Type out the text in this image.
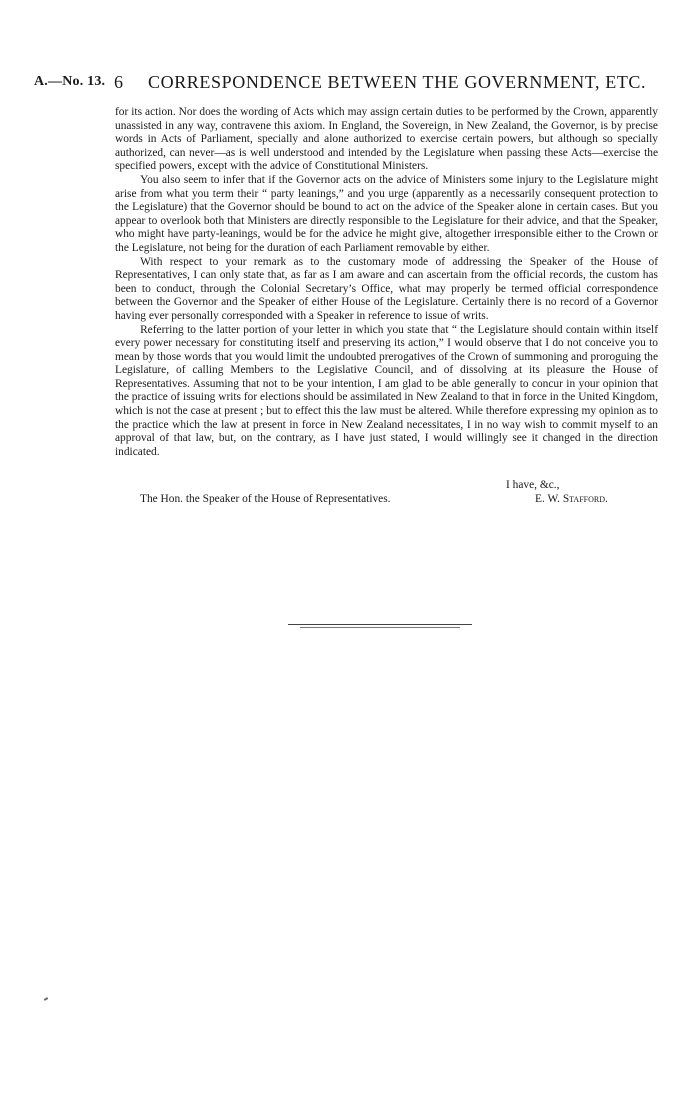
A.—No. 13. 6 CORRESPONDENCE BETWEEN THE GOVERNMENT, ETC.

for its action. Nor does the wording of Acts which may assign certain duties to be performed by the Crown, apparently unassisted in any way, contravene this axiom. In England, the Sovereign, in New Zealand, the Governor, is by precise words in Acts of Parliament, specially and alone authorized to exercise certain powers, but although so specially authorized, can never—as is well understood and intended by the Legislature when passing these Acts—exercise the specified powers, except with the advice of Constitutional Ministers.

You also seem to infer that if the Governor acts on the advice of Ministers some injury to the Legislature might arise from what you term their “ party leanings,” and you urge (apparently as a necessarily consequent protection to the Legislature) that the Governor should be bound to act on the advice of the Speaker alone in certain cases. But you appear to overlook both that Ministers are directly responsible to the Legislature for their advice, and that the Speaker, who might have party-leanings, would be for the advice he might give, altogether irresponsible either to the Crown or the Legislature, not being for the duration of each Parliament removable by either.

With respect to your remark as to the customary mode of addressing the Speaker of the House of Representatives, I can only state that, as far as I am aware and can ascertain from the official records, the custom has been to conduct, through the Colonial Secretary’s Office, what may properly be termed official correspondence between the Governor and the Speaker of either House of the Legislature. Certainly there is no record of a Governor having ever personally corresponded with a Speaker in reference to issue of writs.

Referring to the latter portion of your letter in which you state that “ the Legislature should contain within itself every power necessary for constituting itself and preserving its action,” I would observe that I do not conceive you to mean by those words that you would limit the undoubted prerogatives of the Crown of summoning and proroguing the Legislature, of calling Members to the Legislative Council, and of dissolving at its pleasure the House of Representatives. Assuming that not to be your intention, I am glad to be able generally to concur in your opinion that the practice of issuing writs for elections should be assimilated in New Zealand to that in force in the United Kingdom, which is not the case at present ; but to effect this the law must be altered. While therefore expressing my opinion as to the practice which the law at present in force in New Zealand necessitates, I in no way wish to commit myself to an approval of that law, but, on the contrary, as I have just stated, I would willingly see it changed in the direction indicated.

I have, &c.,
The Hon. the Speaker of the House of Representatives.	E. W. Stafford.
